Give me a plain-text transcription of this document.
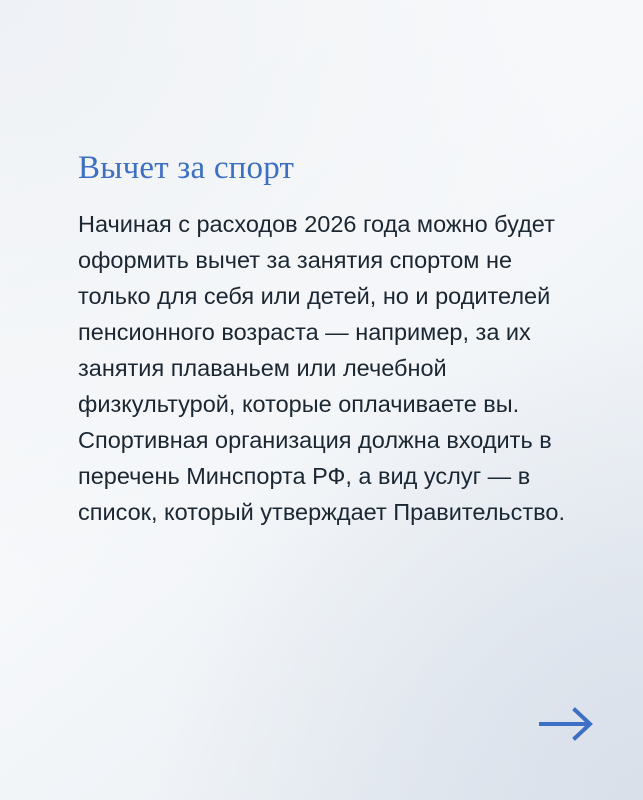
Вычет за спорт

Начиная с расходов 2026 года можно будет оформить вычет за занятия спортом не только для себя или детей, но и родителей пенсионного возраста — например, за их занятия плаваньем или лечебной физкультурой, которые оплачиваете вы. Спортивная организация должна входить в перечень Минспорта РФ, а вид услуг — в список, который утверждает Правительство.
